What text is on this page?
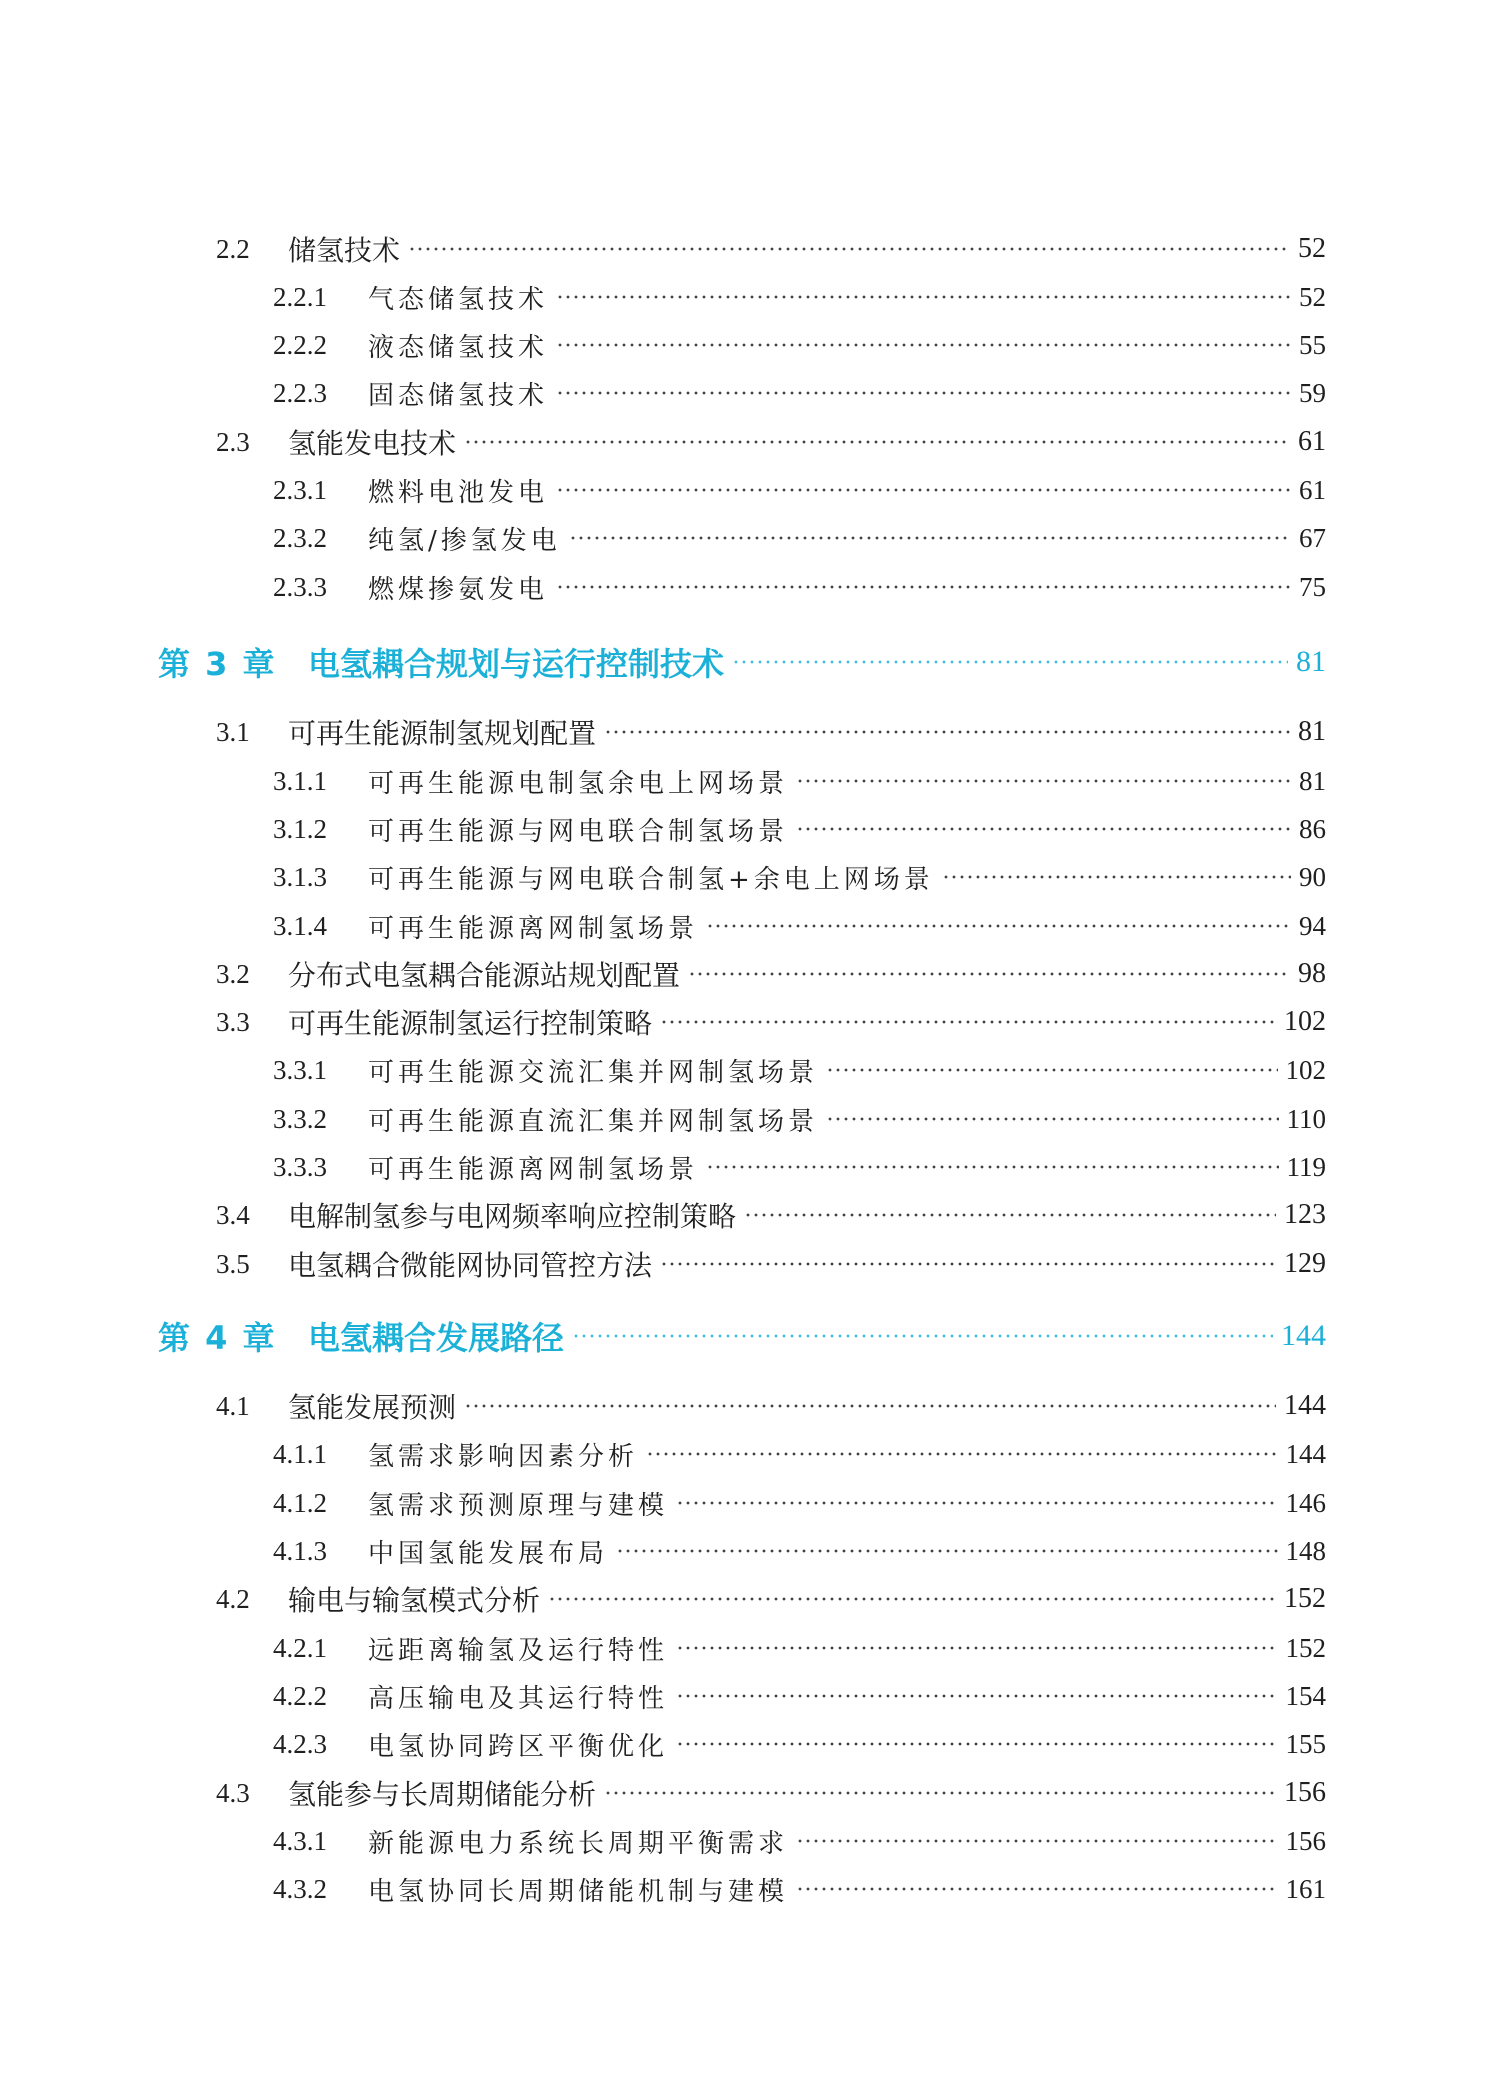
2.2	储氢技术	52
2.2.1	气态储氢技术	52
2.2.2	液态储氢技术	55
2.2.3	固态储氢技术	59
2.3	氢能发电技术	61
2.3.1	燃料电池发电	61
2.3.2	纯氢/掺氢发电	67
2.3.3	燃煤掺氨发电	75
第 3 章 电氢耦合规划与运行控制技术	81
3.1	可再生能源制氢规划配置	81
3.1.1	可再生能源电制氢余电上网场景	81
3.1.2	可再生能源与网电联合制氢场景	86
3.1.3	可再生能源与网电联合制氢+余电上网场景	90
3.1.4	可再生能源离网制氢场景	94
3.2	分布式电氢耦合能源站规划配置	98
3.3	可再生能源制氢运行控制策略	102
3.3.1	可再生能源交流汇集并网制氢场景	102
3.3.2	可再生能源直流汇集并网制氢场景	110
3.3.3	可再生能源离网制氢场景	119
3.4	电解制氢参与电网频率响应控制策略	123
3.5	电氢耦合微能网协同管控方法	129
第 4 章 电氢耦合发展路径	144
4.1	氢能发展预测	144
4.1.1	氢需求影响因素分析	144
4.1.2	氢需求预测原理与建模	146
4.1.3	中国氢能发展布局	148
4.2	输电与输氢模式分析	152
4.2.1	远距离输氢及运行特性	152
4.2.2	高压输电及其运行特性	154
4.2.3	电氢协同跨区平衡优化	155
4.3	氢能参与长周期储能分析	156
4.3.1	新能源电力系统长周期平衡需求	156
4.3.2	电氢协同长周期储能机制与建模	161
